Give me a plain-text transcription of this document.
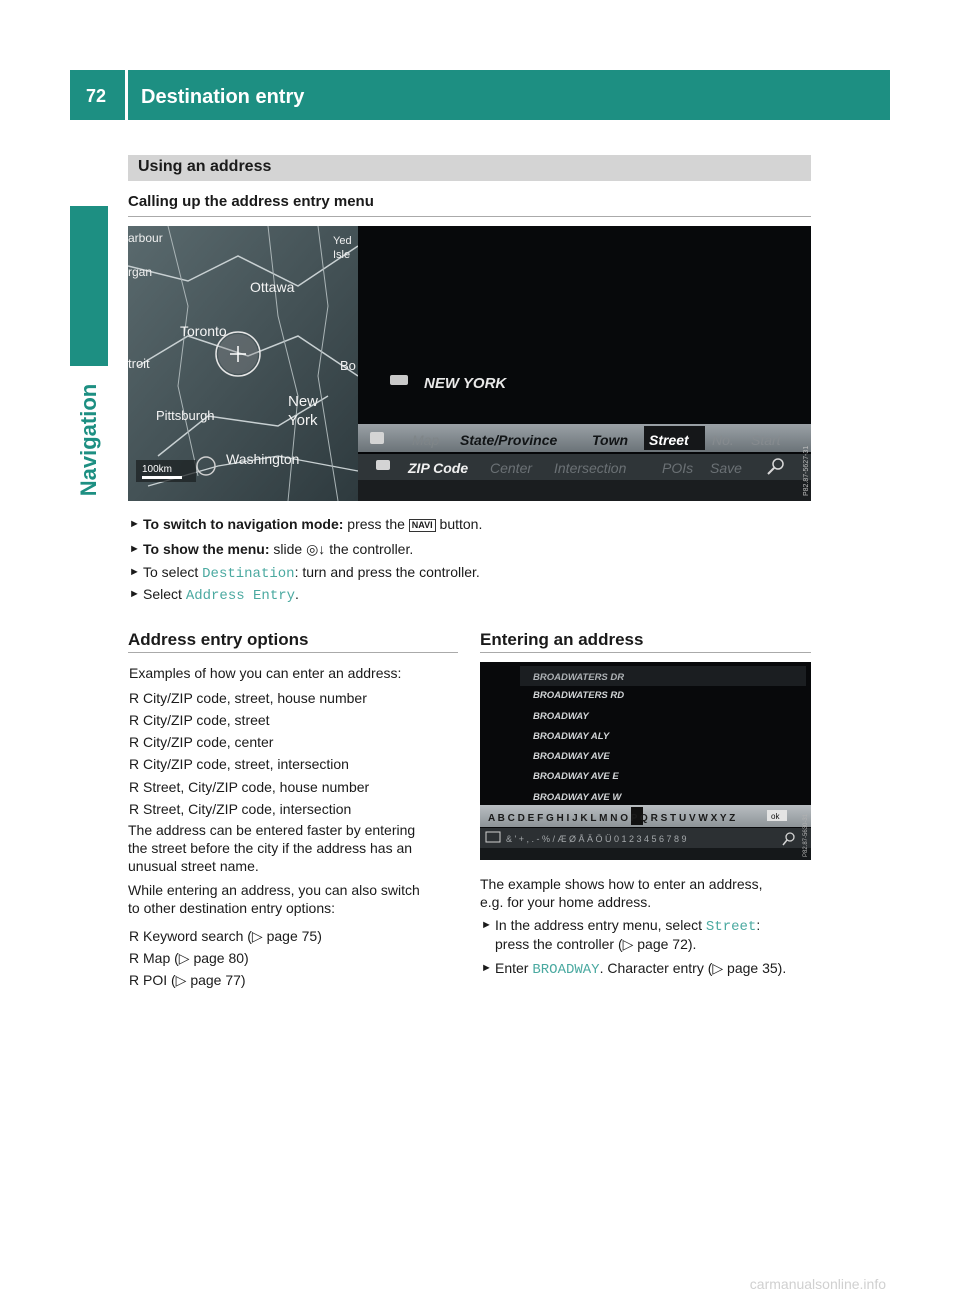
72 Destination entry
Navigation
Using an address
Calling up the address entry menu
arbour
rgan
Yed
Isle
Ottawa
Toronto
troit	Bo
New
York
Pittsburgh
Washington
100km
NEW YORK
Map State/Province Town Street No. Start
ZIP Code Center Intersection	POIs Save	P82.87-5627-31
► To switch to navigation mode: press the NAVI button.
► To show the menu: slide ◎↓ the controller.
► To select Destination: turn and press the controller.
► Select Address Entry.
Address entry options
Examples of how you can enter an address:
R City/ZIP code, street, house number
R City/ZIP code, street
R City/ZIP code, center
R City/ZIP code, street, intersection
R Street, City/ZIP code, house number
R Street, City/ZIP code, intersection
The address can be entered faster by entering
the street before the city if the address has an
unusual street name.
While entering an address, you can also switch
to other destination entry options:
R Keyword search (▷ page 75)
R Map (▷ page 80)
R POI (▷ page 77)
Entering an address
BROADWATERS DR
BROADWATERS RD
BROADWAY
BROADWAY ALY
BROADWAY AVE
BROADWAY AVE E
BROADWAY AVE W
A B C D E F G H I J K L M N O P Q R S T U V W X Y Z	ok
& ' + , . - % / Æ Ø Å Ä Ö Ü 0 1 2 3 4 5 6 7 8 9	P82.87-5630-31
The example shows how to enter an address,
e.g. for your home address.
► In the address entry menu, select Street:
press the controller (▷ page 72).
► Enter BROADWAY. Character entry (▷ page 35).
carmanualsonline.info
